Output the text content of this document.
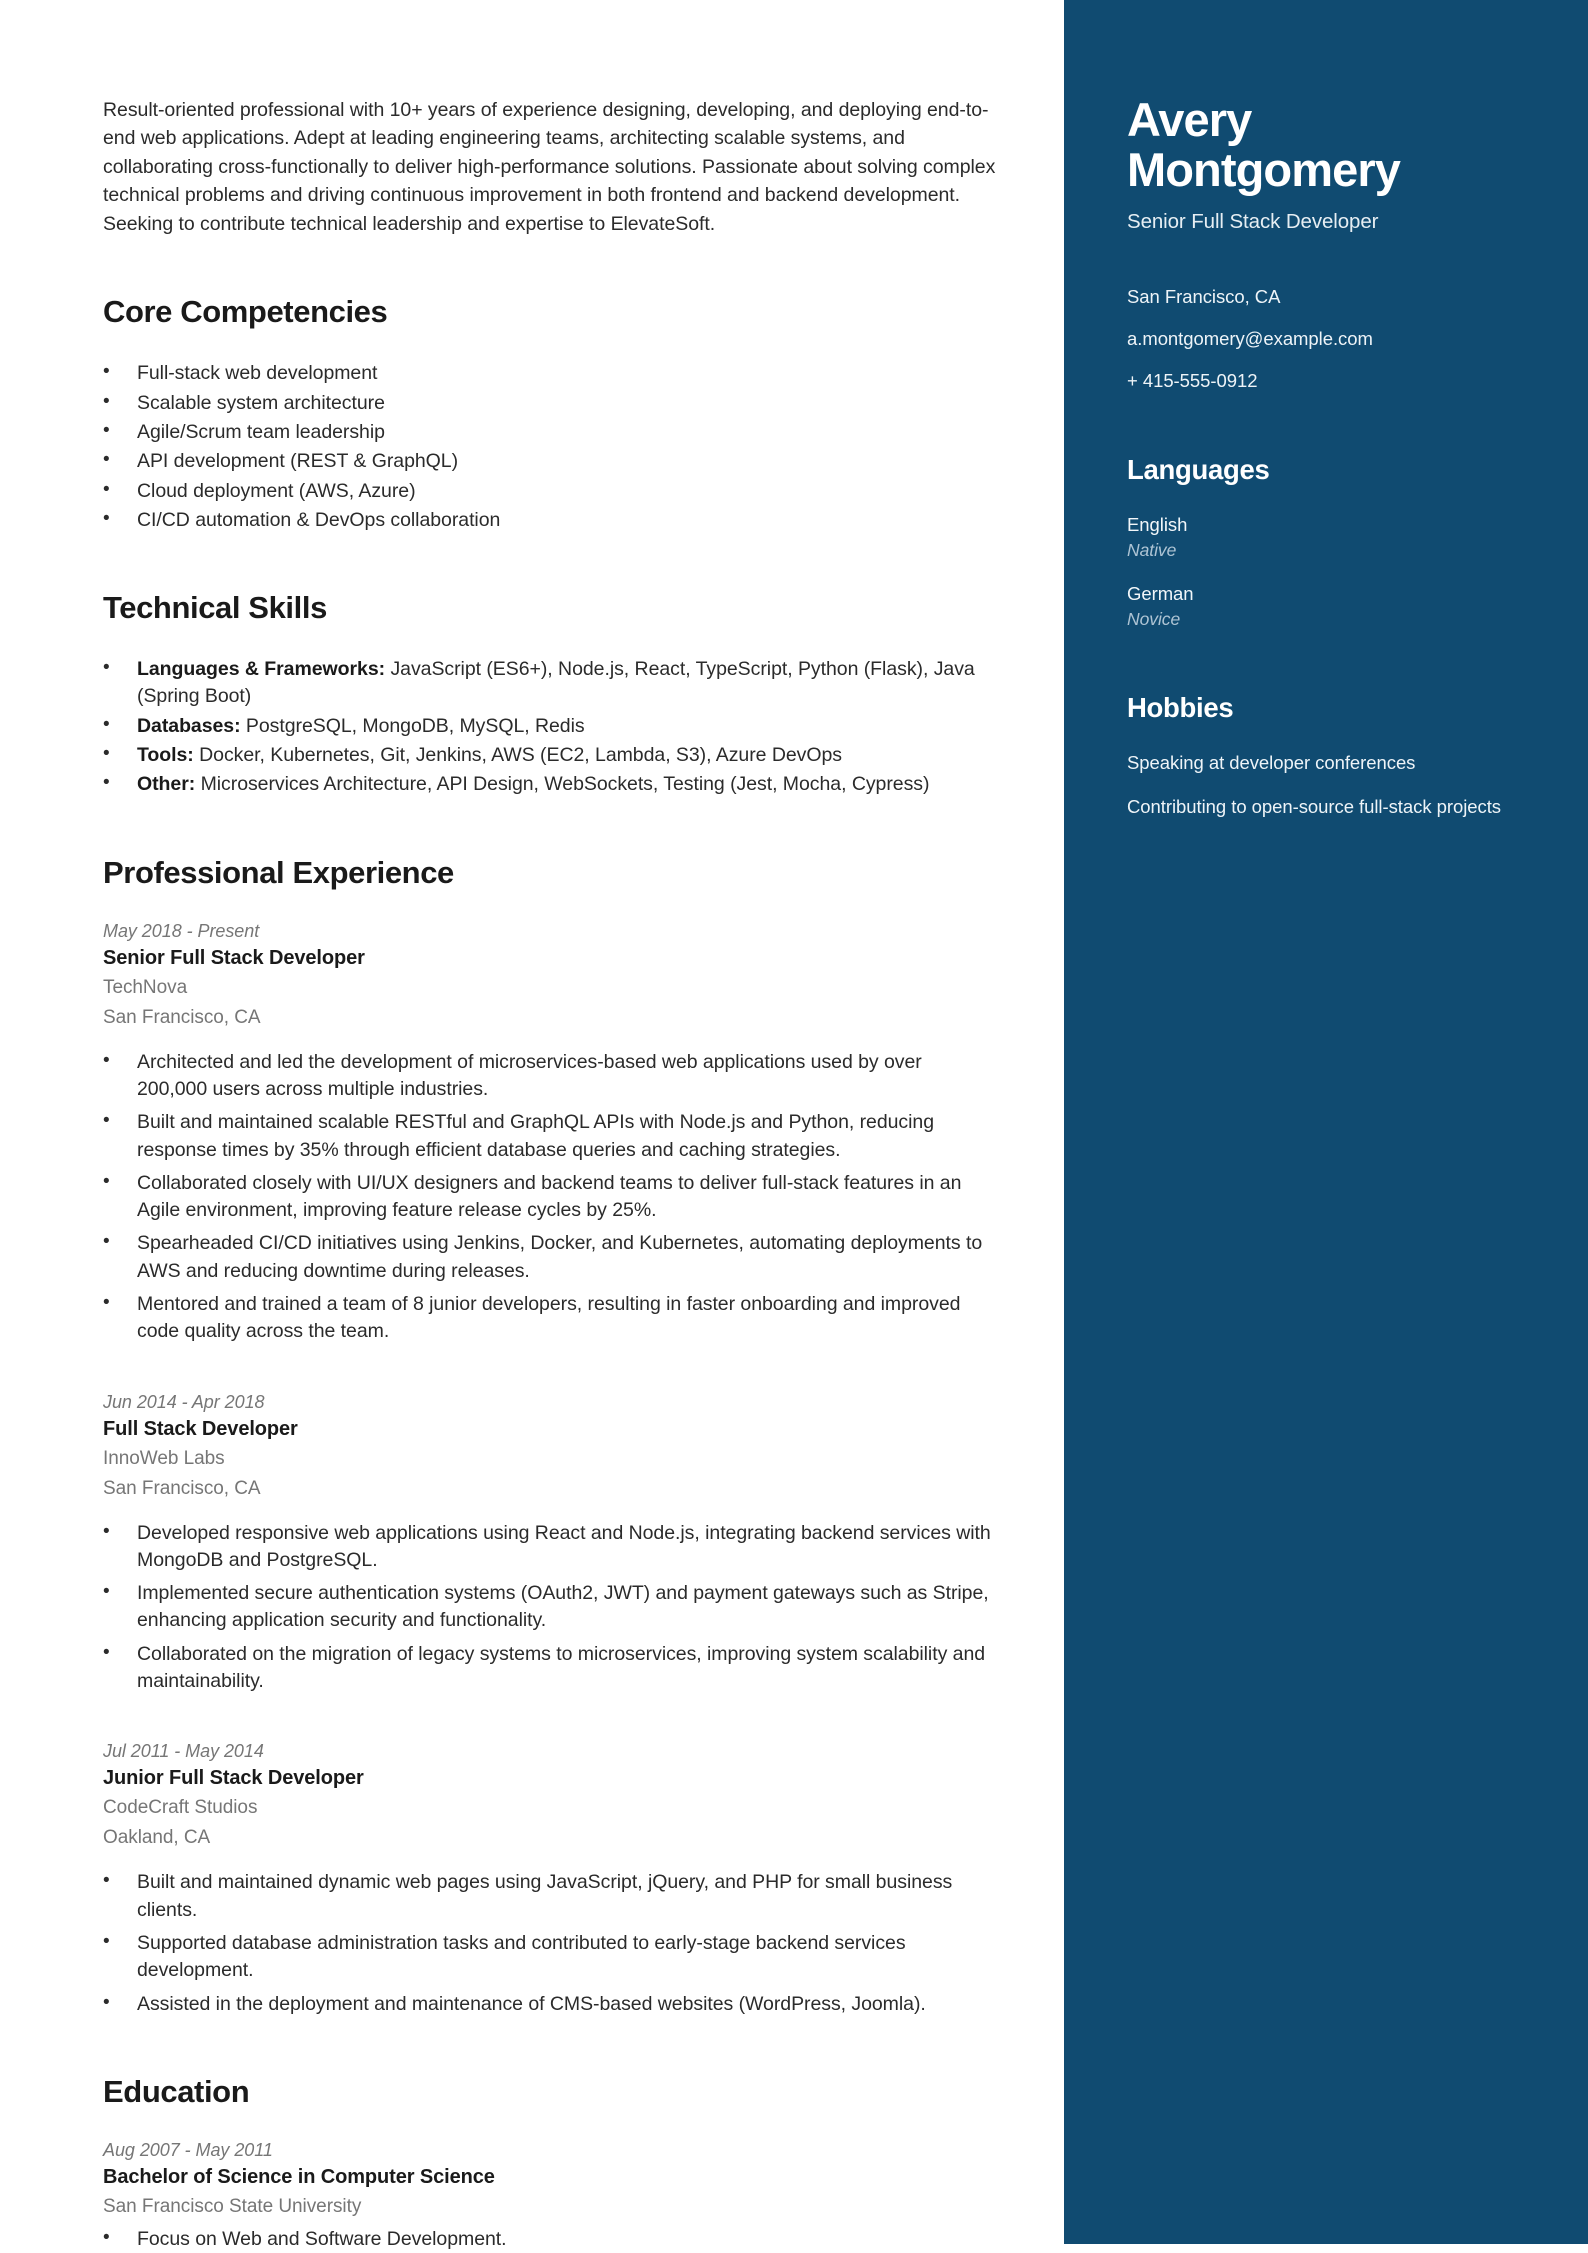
Result-oriented professional with 10+ years of experience designing, developing, and deploying end-to-end web applications. Adept at leading engineering teams, architecting scalable systems, and collaborating cross-functionally to deliver high-performance solutions. Passionate about solving complex technical problems and driving continuous improvement in both frontend and backend development. Seeking to contribute technical leadership and expertise to ElevateSoft.

Core Competencies
• Full-stack web development
• Scalable system architecture
• Agile/Scrum team leadership
• API development (REST & GraphQL)
• Cloud deployment (AWS, Azure)
• CI/CD automation & DevOps collaboration
Technical Skills
• Languages & Frameworks: JavaScript (ES6+), Node.js, React, TypeScript, Python (Flask), Java (Spring Boot)
• Databases: PostgreSQL, MongoDB, MySQL, Redis
• Tools: Docker, Kubernetes, Git, Jenkins, AWS (EC2, Lambda, S3), Azure DevOps
• Other: Microservices Architecture, API Design, WebSockets, Testing (Jest, Mocha, Cypress)
Professional Experience
May 2018 - Present
Senior Full Stack Developer
TechNova
San Francisco, CA
• Architected and led the development of microservices-based web applications used by over 200,000 users across multiple industries.
• Built and maintained scalable RESTful and GraphQL APIs with Node.js and Python, reducing response times by 35% through efficient database queries and caching strategies.
• Collaborated closely with UI/UX designers and backend teams to deliver full-stack features in an Agile environment, improving feature release cycles by 25%.
• Spearheaded CI/CD initiatives using Jenkins, Docker, and Kubernetes, automating deployments to AWS and reducing downtime during releases.
• Mentored and trained a team of 8 junior developers, resulting in faster onboarding and improved code quality across the team.
Jun 2014 - Apr 2018
Full Stack Developer
InnoWeb Labs
San Francisco, CA
• Developed responsive web applications using React and Node.js, integrating backend services with MongoDB and PostgreSQL.
• Implemented secure authentication systems (OAuth2, JWT) and payment gateways such as Stripe, enhancing application security and functionality.
• Collaborated on the migration of legacy systems to microservices, improving system scalability and maintainability.
Jul 2011 - May 2014
Junior Full Stack Developer
CodeCraft Studios
Oakland, CA
• Built and maintained dynamic web pages using JavaScript, jQuery, and PHP for small business clients.
• Supported database administration tasks and contributed to early-stage backend services development.
• Assisted in the deployment and maintenance of CMS-based websites (WordPress, Joomla).
Education
Aug 2007 - May 2011
Bachelor of Science in Computer Science
San Francisco State University
• Focus on Web and Software Development.
Avery
Montgomery
Senior Full Stack Developer
San Francisco, CA
a.montgomery@example.com
+ 415-555-0912
Languages
English
Native
German
Novice
Hobbies
Speaking at developer conferences
Contributing to open-source full-stack projects
